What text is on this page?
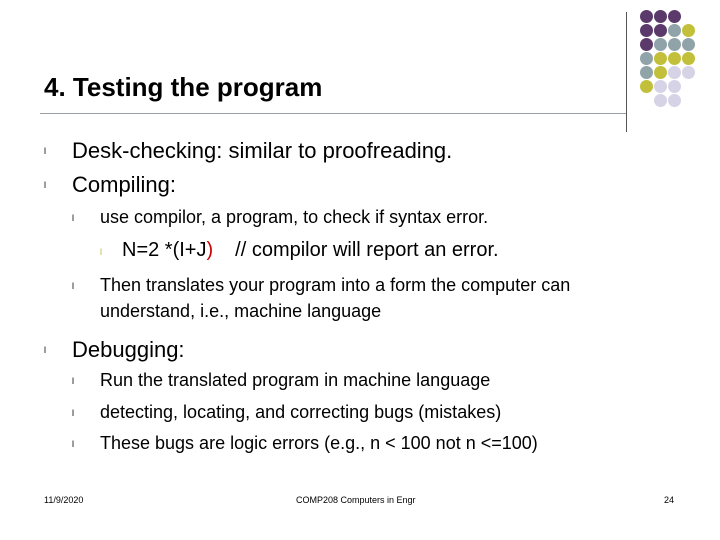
4. Testing the program
l Desk-checking: similar to proofreading.
l Compiling:
l use compilor, a program, to check if syntax error.
l N=2 *(I+J) // compilor will report an error.
l Then translates your program into a form the computer can
understand, i.e., machine language
l Debugging:
l Run the translated program in machine language
l detecting, locating, and correcting bugs (mistakes)
l These bugs are logic errors (e.g., n < 100 not n <=100)
11/9/2020	COMP208 Computers in Engr	24
